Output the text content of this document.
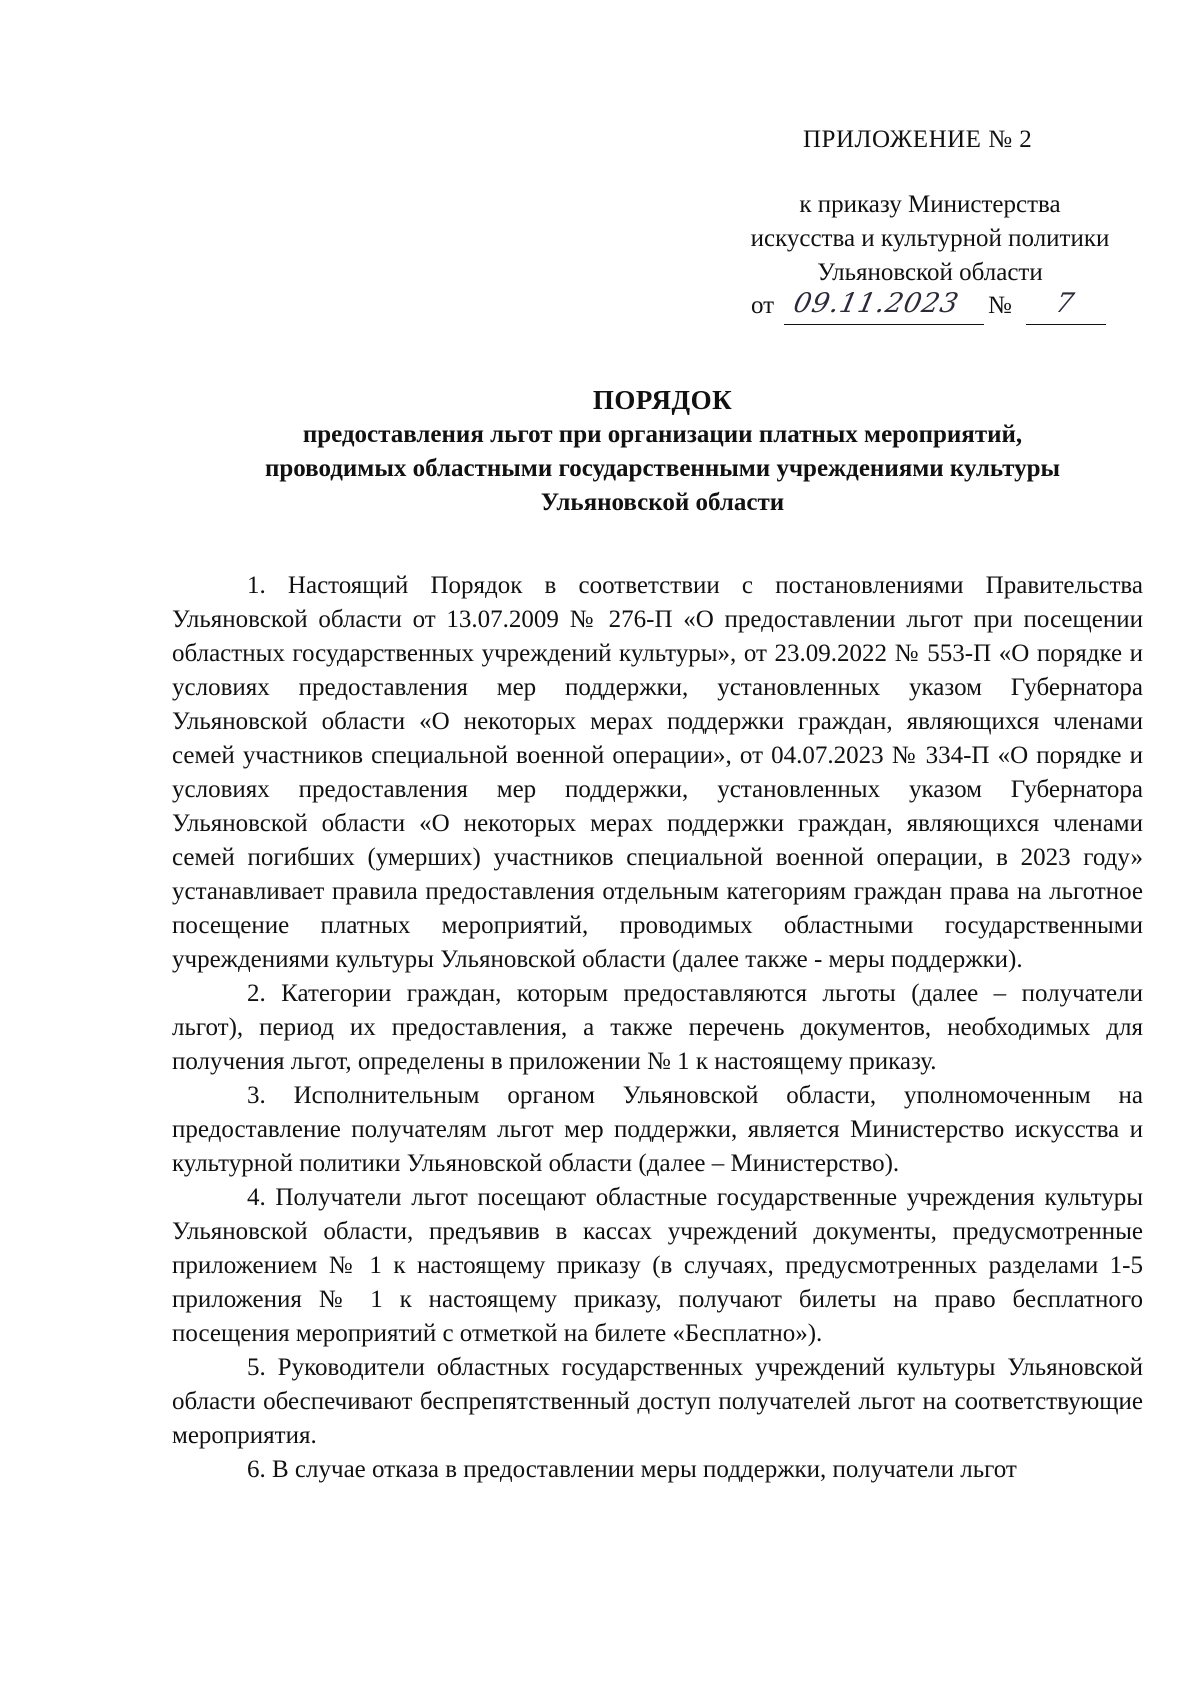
ПРИЛОЖЕНИЕ № 2
к приказу Министерства
искусства и культурной политики
Ульяновской области
от 09.11.2023 № 7
ПОРЯДОК
предоставления льгот при организации платных мероприятий,
проводимых областными государственными учреждениями культуры
Ульяновской области

1. Настоящий Порядок в соответствии с постановлениями Правительства Ульяновской области от 13.07.2009 № 276-П «О предоставлении льгот при посещении областных государственных учреждений культуры», от 23.09.2022 № 553-П «О порядке и условиях предоставления мер поддержки, установленных указом Губернатора Ульяновской области «О некоторых мерах поддержки граждан, являющихся членами семей участников специальной военной операции», от 04.07.2023 № 334-П «О порядке и условиях предоставления мер поддержки, установленных указом Губернатора Ульяновской области «О некоторых мерах поддержки граждан, являющихся членами семей погибших (умерших) участников специальной военной операции, в 2023 году» устанавливает правила предоставления отдельным категориям граждан права на льготное посещение платных мероприятий, проводимых областными государственными учреждениями культуры Ульяновской области (далее также - меры поддержки).

2. Категории граждан, которым предоставляются льготы (далее – получатели льгот), период их предоставления, а также перечень документов, необходимых для получения льгот, определены в приложении № 1 к настоящему приказу.

3. Исполнительным органом Ульяновской области, уполномоченным на предоставление получателям льгот мер поддержки, является Министерство искусства и культурной политики Ульяновской области (далее – Министерство).

4. Получатели льгот посещают областные государственные учреждения культуры Ульяновской области, предъявив в кассах учреждений документы, предусмотренные приложением № 1 к настоящему приказу (в случаях, предусмотренных разделами 1-5 приложения № 1 к настоящему приказу, получают билеты на право бесплатного посещения мероприятий с отметкой на билете «Бесплатно»).

5. Руководители областных государственных учреждений культуры Ульяновской области обеспечивают беспрепятственный доступ получателей льгот на соответствующие мероприятия.

6. В случае отказа в предоставлении меры поддержки, получатели льгот
